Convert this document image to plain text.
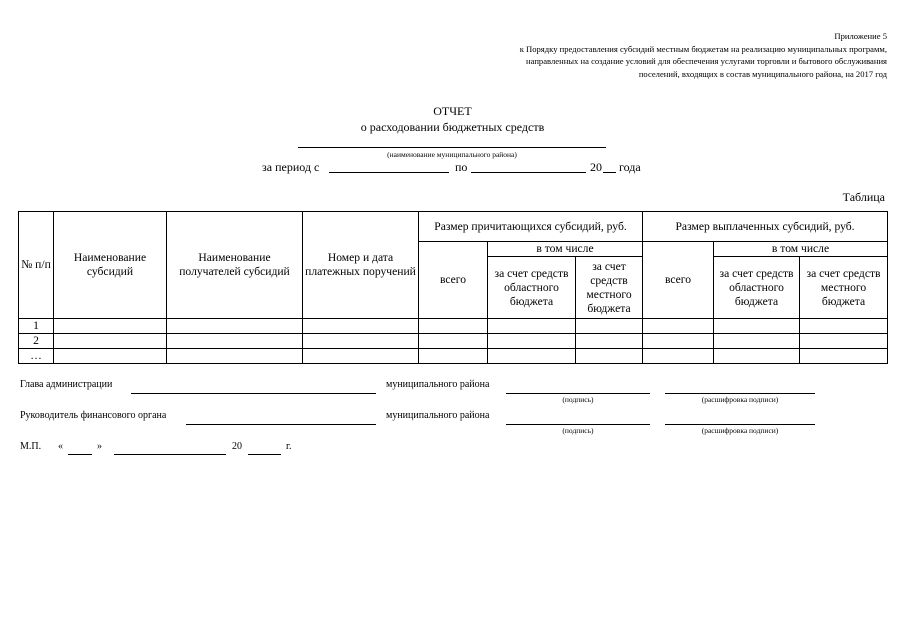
Приложение 5
к Порядку предоставления субсидий местным бюджетам на реализацию муниципальных программ,
направленных на создание условий для обеспечения услугами торговли и бытового обслуживания
поселений, входящих в состав муниципального района, на 2017 год
ОТЧЕТ
о расходовании бюджетных средств
(наименование муниципального района)
за период с	по	20 года
Таблица
№ п/п	Наименование субсидий	Наименование получателей субсидий	Номер и дата платежных поручений	Размер причитающихся субсидий, руб.			Размер выплаченных субсидий, руб.		
				всего	в том числе		всего	в том числе	
					за счет средств областного бюджета	за счет средств местного бюджета		за счет средств областного бюджета	за счет средств местного бюджета
1									
2									
…									
Глава администрации	муниципального района
(подпись)	(расшифровка подписи)
Руководитель финансового органа	муниципального района
(подпись)	(расшифровка подписи)
М.П. «	»	20	г.
